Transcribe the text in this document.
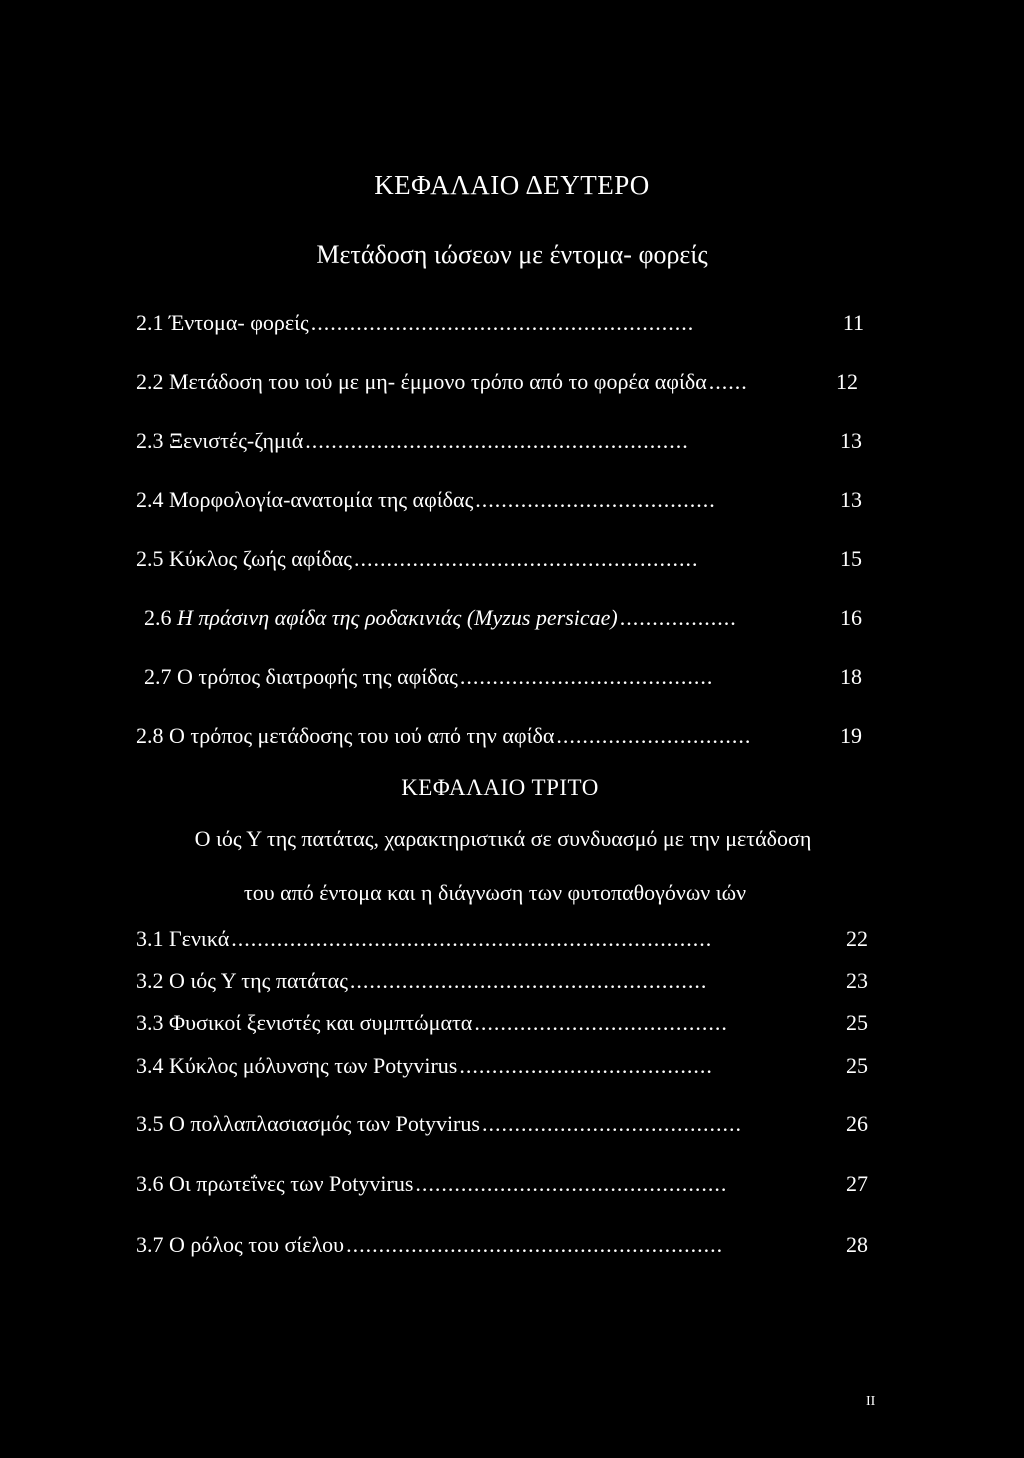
ΚΕΦΑΛΑΙΟ ΔΕΥΤΕΡΟ
Μετάδοση ιώσεων με έντομα- φορείς
2.1 Έντομα- φορείς ...........................................................	11
2.2 Μετάδοση του ιού με μη- έμμονο τρόπο από το φορέα αφίδα ......	12
2.3 Ξενιστές-ζημιά ...........................................................	13
2.4 Μορφολογία-ανατομία της αφίδας .....................................	13
2.5 Κύκλος ζωής αφίδας .....................................................	15
2.6 Η πράσινη αφίδα της ροδακινιάς (Myzus persicae) ..................	16
2.7 Ο τρόπος διατροφής της αφίδας .......................................	18
2.8 Ο τρόπος μετάδοσης του ιού από την αφίδα ..............................	19
ΚΕΦΑΛΑΙΟ ΤΡΙΤΟ
Ο ιός Υ της πατάτας, χαρακτηριστικά σε συνδυασμό με την μετάδοση
του από έντομα και η διάγνωση των φυτοπαθογόνων ιών
3.1 Γενικά ..........................................................................	22
3.2 Ο ιός Υ της πατάτας .......................................................	23
3.3 Φυσικοί ξενιστές και συμπτώματα .......................................	25
3.4 Κύκλος μόλυνσης των Potyvirus .......................................	25
3.5 Ο πολλαπλασιασμός των Potyvirus ........................................	26
3.6 Οι πρωτεΐνες των Potyvirus ................................................	27
3.7 Ο ρόλος του σίελου ..........................................................	28
II
